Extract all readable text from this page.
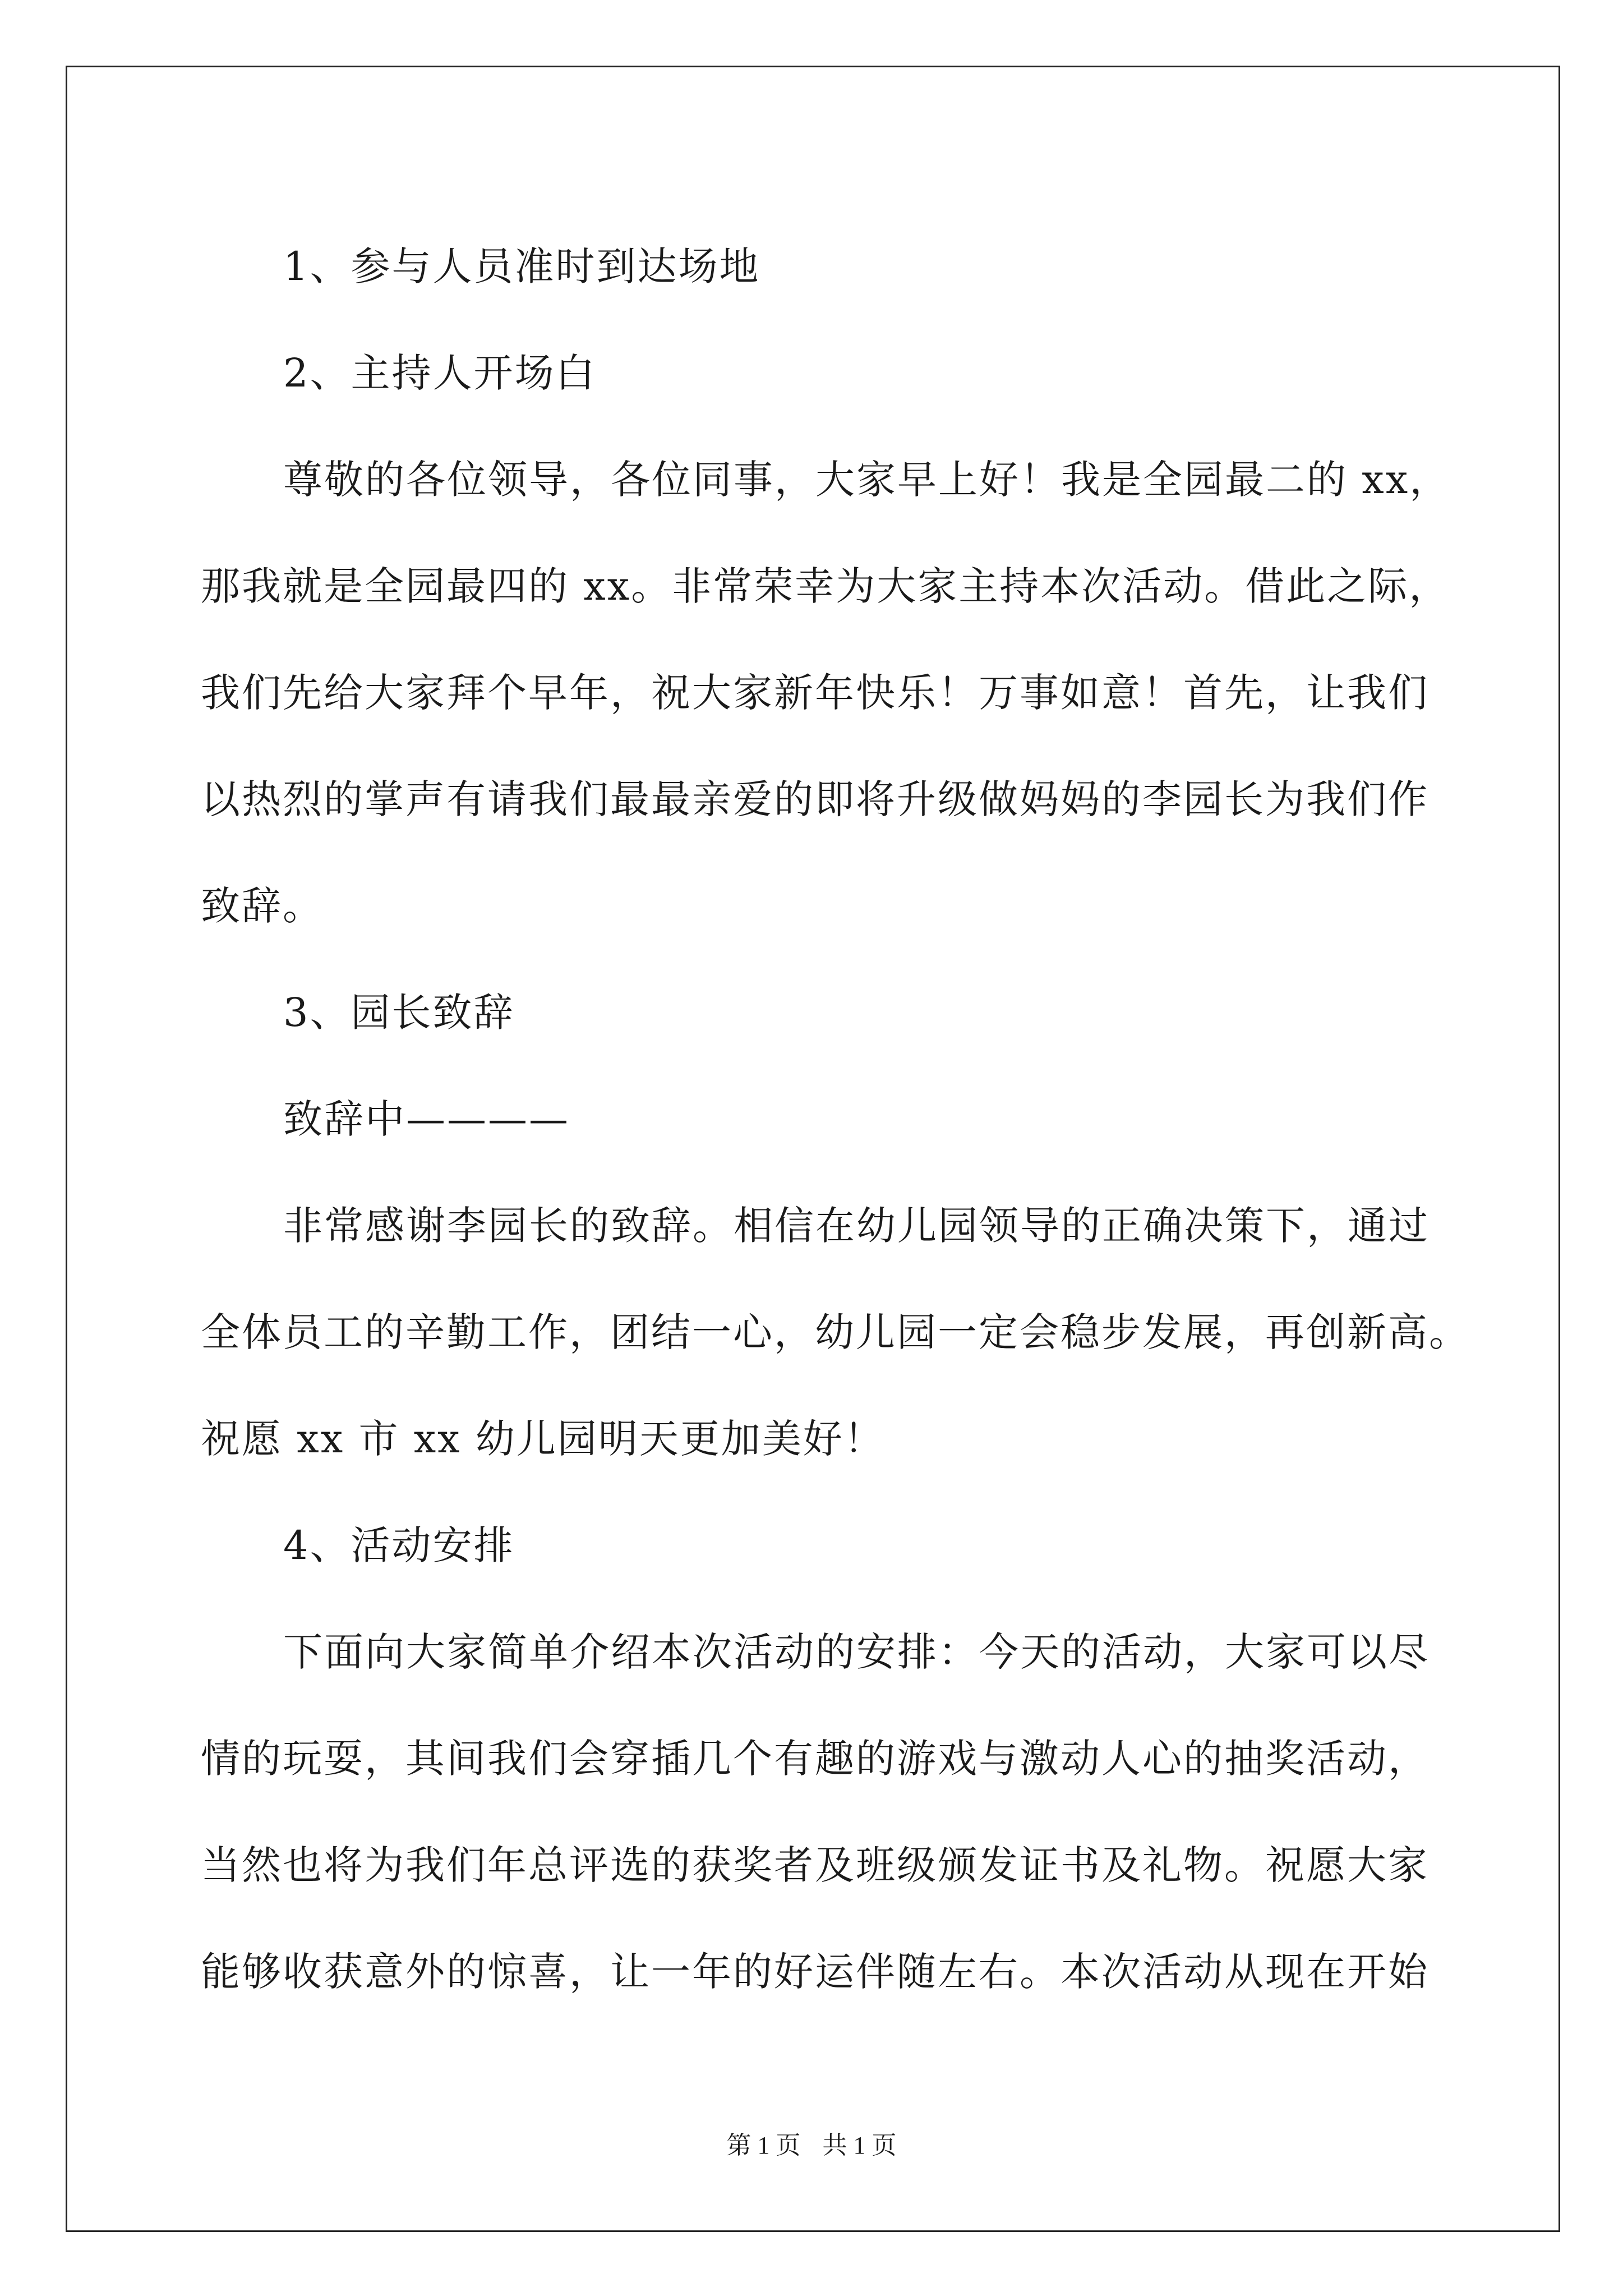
1、参与人员准时到达场地

2、主持人开场白

尊敬的各位领导，各位同事，大家早上好！我是全园最二的 xx，
那我就是全园最四的 xx。非常荣幸为大家主持本次活动。借此之际，
我们先给大家拜个早年，祝大家新年快乐！万事如意！首先，让我们
以热烈的掌声有请我们最最亲爱的即将升级做妈妈的李园长为我们作
致辞。

3、园长致辞

致辞中————

非常感谢李园长的致辞。相信在幼儿园领导的正确决策下，通过
全体员工的辛勤工作，团结一心，幼儿园一定会稳步发展，再创新高。
祝愿 xx 市 xx 幼儿园明天更加美好！

4、活动安排

下面向大家简单介绍本次活动的安排：今天的活动，大家可以尽
情的玩耍，其间我们会穿插几个有趣的游戏与激动人心的抽奖活动，
当然也将为我们年总评选的获奖者及班级颁发证书及礼物。祝愿大家
能够收获意外的惊喜，让一年的好运伴随左右。本次活动从现在开始

第 1 页 共 1 页
